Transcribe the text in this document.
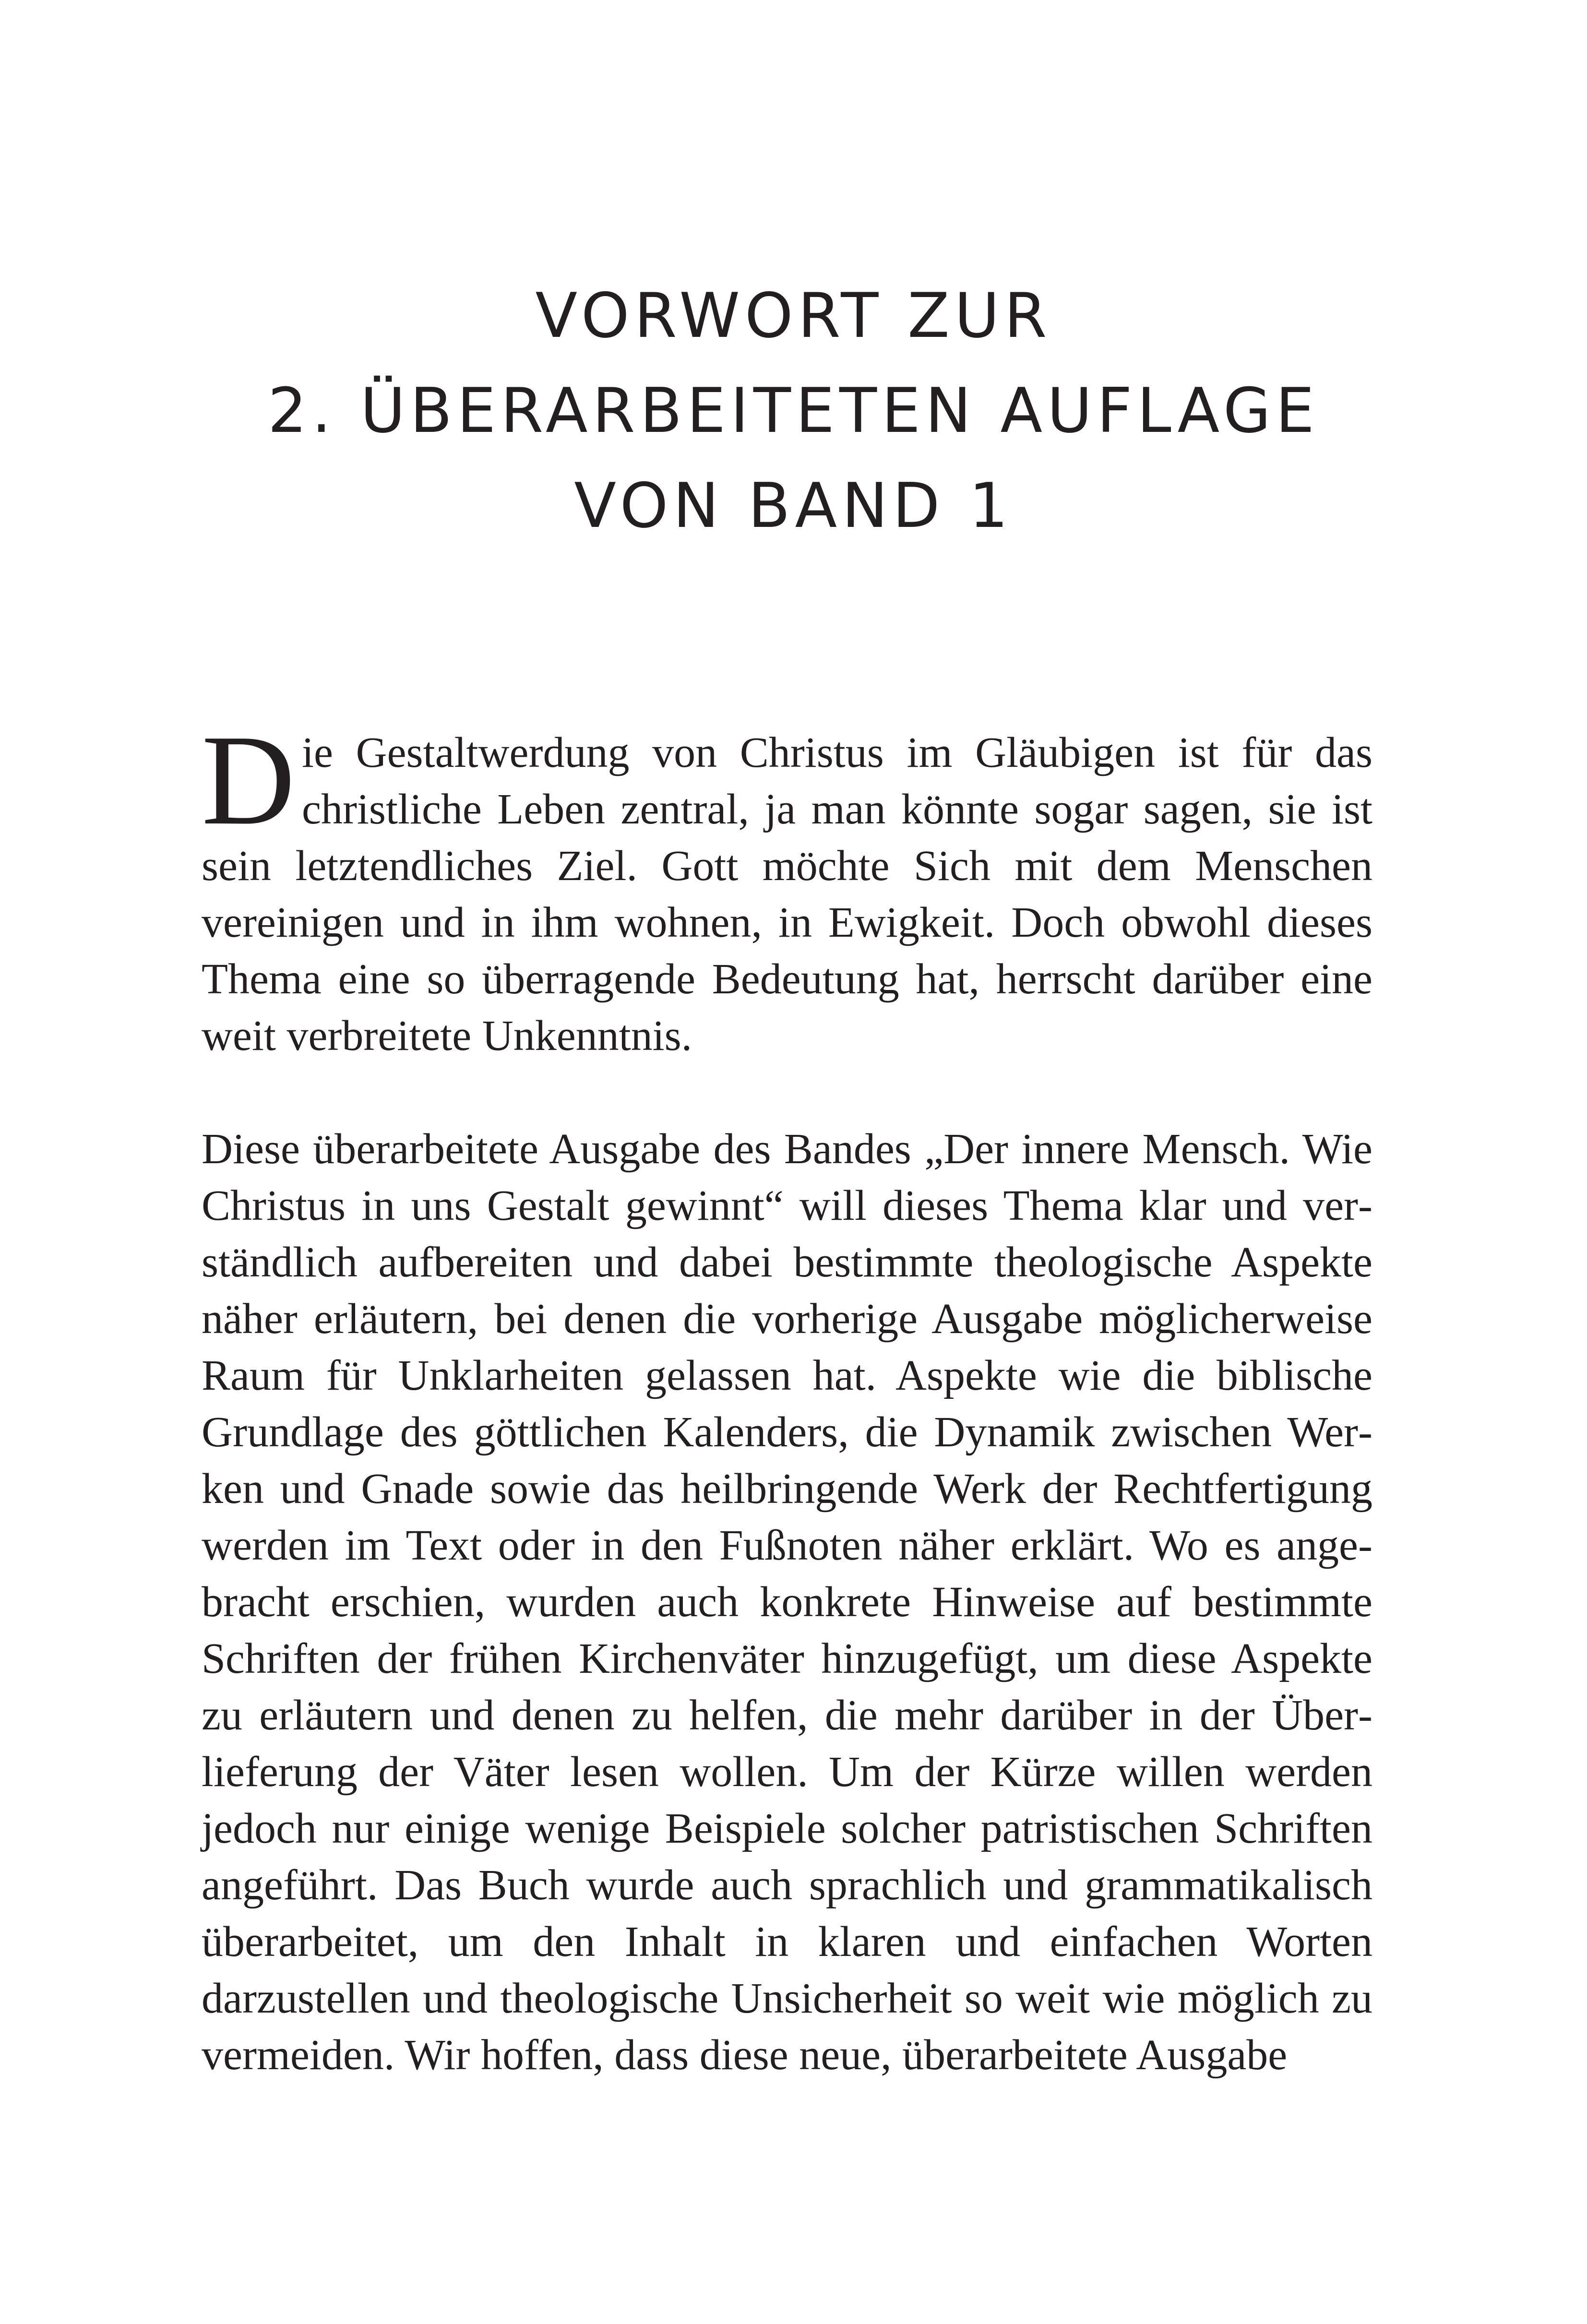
VORWORT ZUR
2. ÜBERARBEITETEN AUFLAGE
VON BAND 1

Die Gestaltwerdung von Christus im Gläubigen ist für das christliche Leben zentral, ja man könnte sogar sagen, sie ist sein letztendliches Ziel. Gott möchte Sich mit dem Menschen vereinigen und in ihm wohnen, in Ewigkeit. Doch obwohl dieses Thema eine so überragende Bedeutung hat, herrscht darüber eine weit verbreitete Unkenntnis.

Diese überarbeitete Ausgabe des Bandes „Der innere Mensch. Wie Christus in uns Gestalt gewinnt“ will dieses Thema klar und verständlich aufbereiten und dabei bestimmte theologische Aspekte näher erläutern, bei denen die vorherige Ausgabe möglicherweise Raum für Unklarheiten gelassen hat. Aspekte wie die biblische Grundlage des göttlichen Kalenders, die Dynamik zwischen Werken und Gnade sowie das heilbringende Werk der Rechtfertigung werden im Text oder in den Fußnoten näher erklärt. Wo es angebracht erschien, wurden auch konkrete Hinweise auf bestimmte Schriften der frühen Kirchenväter hinzugefügt, um diese Aspekte zu erläutern und denen zu helfen, die mehr darüber in der Überlieferung der Väter lesen wollen. Um der Kürze willen werden jedoch nur einige wenige Beispiele solcher patristischen Schriften angeführt. Das Buch wurde auch sprachlich und grammatikalisch überarbeitet, um den Inhalt in klaren und einfachen Worten darzustellen und theologische Unsicherheit so weit wie möglich zu vermeiden. Wir hoffen, dass diese neue, überarbeitete Ausgabe
